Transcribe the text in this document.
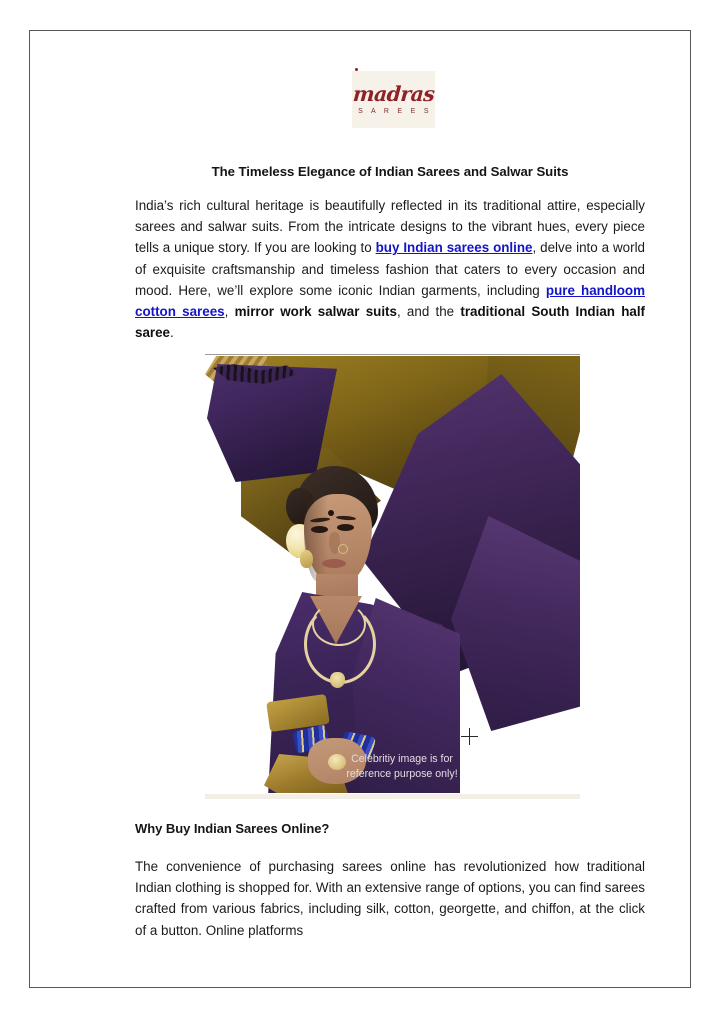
madras
S A R E E S
The Timeless Elegance of Indian Sarees and Salwar Suits

India’s rich cultural heritage is beautifully reflected in its traditional attire, especially sarees and salwar suits. From the intricate designs to the vibrant hues, every piece tells a unique story. If you are looking to buy Indian sarees online, delve into a world of exquisite craftsmanship and timeless fashion that caters to every occasion and mood. Here, we’ll explore some iconic Indian garments, including pure handloom cotton sarees, mirror work salwar suits, and the traditional South Indian half saree.

Celebritiy image is for
reference purpose only!
Why Buy Indian Sarees Online?

The convenience of purchasing sarees online has revolutionized how traditional Indian clothing is shopped for. With an extensive range of options, you can find sarees crafted from various fabrics, including silk, cotton, georgette, and chiffon, at the click of a button. Online platforms
